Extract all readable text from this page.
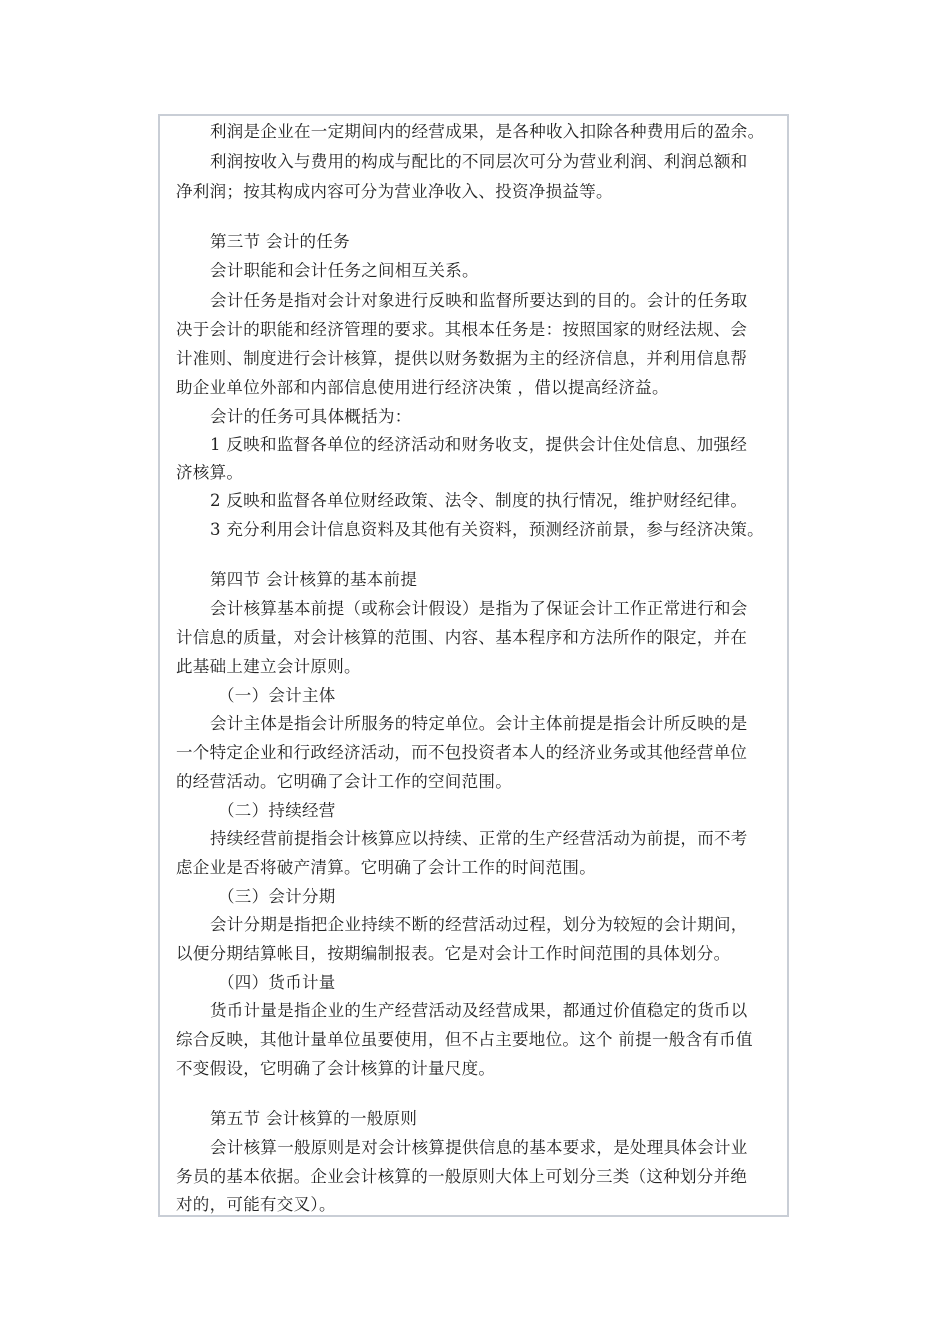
利润是企业在一定期间内的经营成果，是各种收入扣除各种费用后的盈余。
利润按收入与费用的构成与配比的不同层次可分为营业利润、利润总额和
净利润；按其构成内容可分为营业净收入、投资净损益等。
第三节 会计的任务
会计职能和会计任务之间相互关系。
会计任务是指对会计对象进行反映和监督所要达到的目的。会计的任务取
决于会计的职能和经济管理的要求。其根本任务是：按照国家的财经法规、会
计准则、制度进行会计核算，提供以财务数据为主的经济信息，并利用信息帮
助企业单位外部和内部信息使用进行经济决策 ，借以提高经济益。
会计的任务可具体概括为：
1 反映和监督各单位的经济活动和财务收支，提供会计住处信息、加强经
济核算。
2 反映和监督各单位财经政策、法令、制度的执行情况，维护财经纪律。
3 充分利用会计信息资料及其他有关资料，预测经济前景，参与经济决策。
第四节 会计核算的基本前提
会计核算基本前提（或称会计假设）是指为了保证会计工作正常进行和会
计信息的质量，对会计核算的范围、内容、基本程序和方法所作的限定，并在
此基础上建立会计原则。
（一）会计主体
会计主体是指会计所服务的特定单位。会计主体前提是指会计所反映的是
一个特定企业和行政经济活动，而不包投资者本人的经济业务或其他经营单位
的经营活动。它明确了会计工作的空间范围。
（二）持续经营
持续经营前提指会计核算应以持续、正常的生产经营活动为前提，而不考
虑企业是否将破产清算。它明确了会计工作的时间范围。
（三）会计分期
会计分期是指把企业持续不断的经营活动过程，划分为较短的会计期间，
以便分期结算帐目，按期编制报表。它是对会计工作时间范围的具体划分。
（四）货币计量
货币计量是指企业的生产经营活动及经营成果，都通过价值稳定的货币以
综合反映，其他计量单位虽要使用，但不占主要地位。这个 前提一般含有币值
不变假设，它明确了会计核算的计量尺度。
第五节 会计核算的一般原则
会计核算一般原则是对会计核算提供信息的基本要求，是处理具体会计业
务员的基本依据。企业会计核算的一般原则大体上可划分三类（这种划分并绝
对的，可能有交叉）。
